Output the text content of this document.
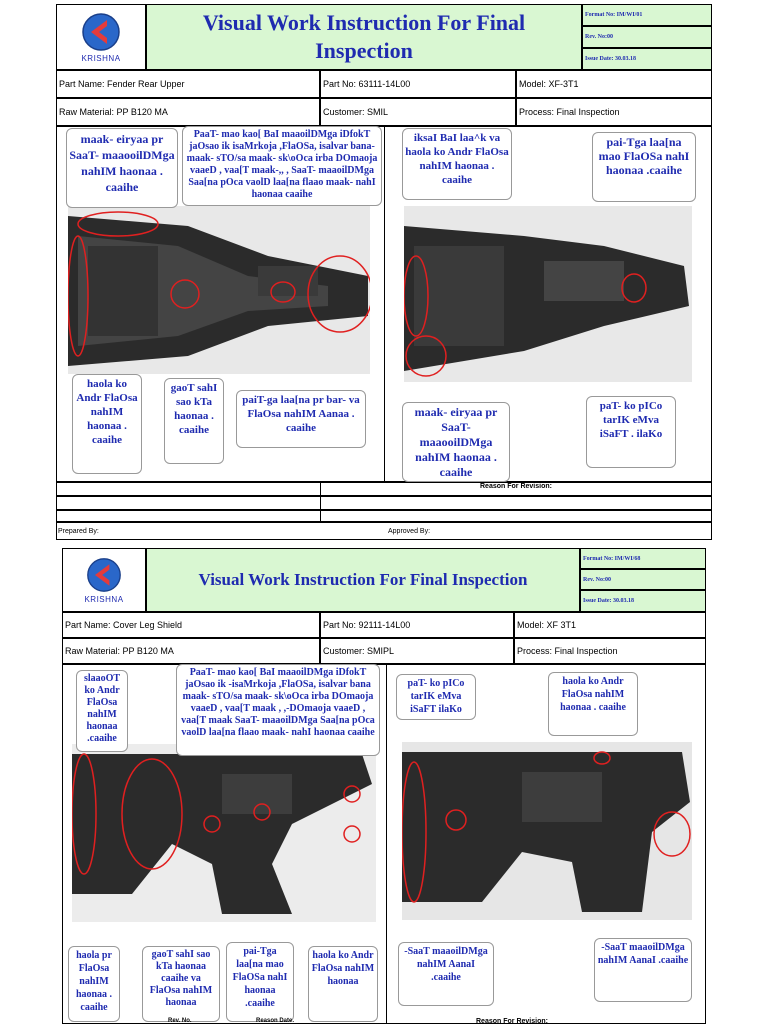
KRISHNA
Visual Work Instruction For Final Inspection
Format No: IM/WI/01
Rev. No:00
Issue Date: 30.03.18
Part Name: Fender Rear Upper	Part No: 63111-14L00	Model: XF-3T1
Raw Material: PP B120 MA	Customer: SMIL	Process: Final Inspection
PaaT- mao kao[ BaI maaoilDMga iDfokT jaOsao ik isaMrkoja ,FlaOSa, isalvar bana- maak- sTO/sa maak- sk\oOca irba DOmaoja vaaeD , vaa[T maak-,, , SaaT- maaoilDMga Saa[na pOca vaolD laa[na flaao maak- nahI haonaa caaihe
maak- eiryaa pr SaaT- maaooilDMga nahIM haonaa . caaihe
iksaI BaI laa^k va haola ko Andr FlaOsa nahIM haonaa . caaihe
pai-Tga laa[na mao FlaOSa nahI haonaa .caaihe
haola ko Andr FlaOsa nahIM haonaa . caaihe
gaoT sahI sao kTa haonaa . caaihe
paiT-ga laa[na pr bar- va FlaOsa nahIM Aanaa . caaihe
maak- eiryaa pr SaaT- maaooilDMga nahIM haonaa . caaihe
paT- ko pICo tarIK eMva iSaFT . ilaKo
Reason For Revision:
Prepared By:	Approved By:
KRISHNA
Visual Work Instruction For Final Inspection
Format No: IM/WI/68
Rev. No:00
Issue Date: 30.03.18
Part Name: Cover Leg Shield	Part No: 92111-14L00	Model: XF 3T1
Raw Material: PP B120 MA	Customer: SMIPL	Process: Final Inspection
PaaT- mao kao[ BaI maaoilDMga iDfokT jaOsao ik -isaMrkoja ,FlaOSa, isalvar bana maak- sTO/sa maak- sk\oOca irba DOmaoja vaaeD , vaa[T maak , ,-DOmaoja vaaeD , vaa[T maak SaaT- maaoilDMga Saa[na pOca vaolD laa[na flaao maak- nahI haonaa caaihe
slaaoOT ko Andr FlaOsa nahIM haonaa .caaihe
paT- ko pICo tarIK eMva iSaFT ilaKo
haola ko Andr FlaOsa nahIM haonaa . caaihe
haola pr FlaOsa nahIM haonaa . caaihe
gaoT sahI sao kTa haonaa caaihe va FlaOsa nahIM haonaa
pai-Tga laa[na mao FlaOSa nahI haonaa .caaihe
haola ko Andr FlaOsa nahIM haonaa
-SaaT maaoilDMga nahIM AanaI .caaihe
-SaaT maaoilDMga nahIM AanaI .caaihe
Rev. No.	Reason Date.	Reason For Revision:
